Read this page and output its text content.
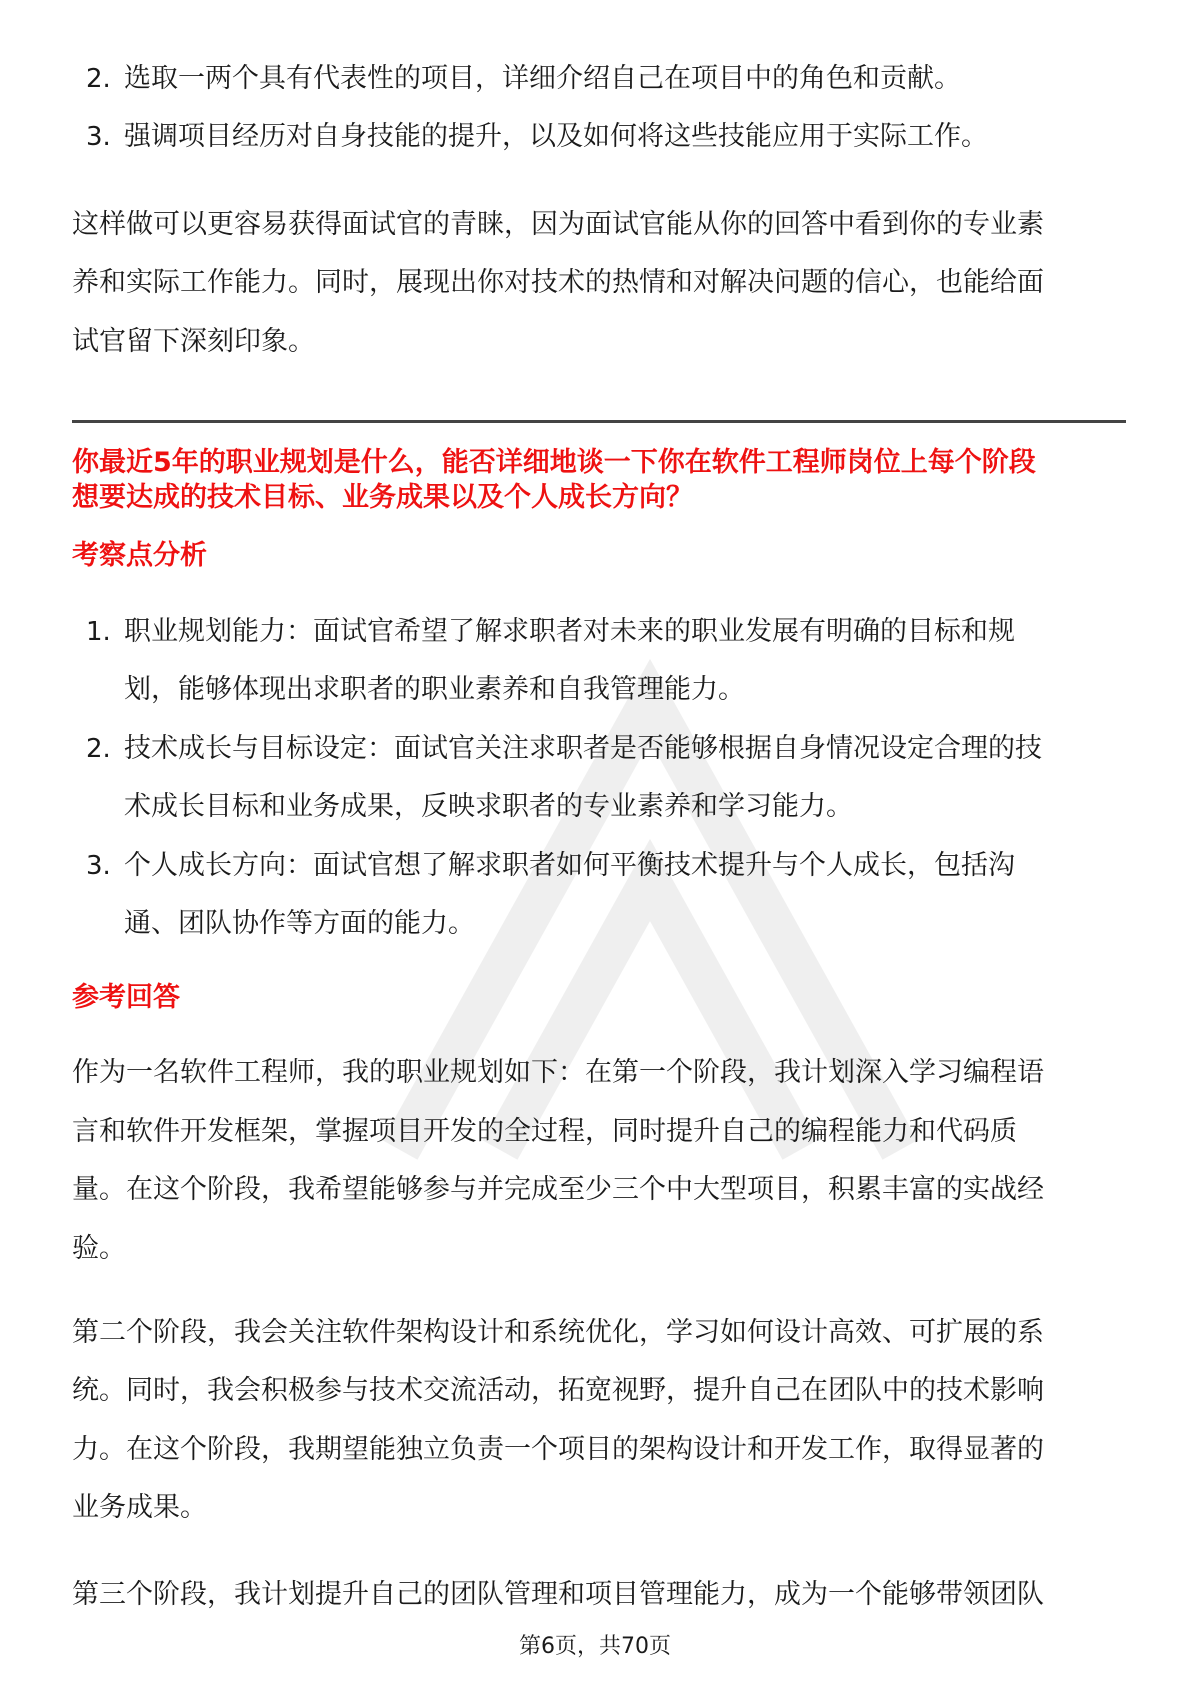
2. 选取一两个具有代表性的项目，详细介绍自己在项目中的角色和贡献。
3. 强调项目经历对自身技能的提升，以及如何将这些技能应用于实际工作。
这样做可以更容易获得面试官的青睐，因为面试官能从你的回答中看到你的专业素
养和实际工作能力。同时，展现出你对技术的热情和对解决问题的信心，也能给面
试官留下深刻印象。
你最近5年的职业规划是什么，能否详细地谈一下你在软件工程师岗位上每个阶段
想要达成的技术目标、业务成果以及个人成长方向？
考察点分析
1. 职业规划能力：面试官希望了解求职者对未来的职业发展有明确的目标和规
划，能够体现出求职者的职业素养和自我管理能力。
2. 技术成长与目标设定：面试官关注求职者是否能够根据自身情况设定合理的技
术成长目标和业务成果，反映求职者的专业素养和学习能力。
3. 个人成长方向：面试官想了解求职者如何平衡技术提升与个人成长，包括沟
通、团队协作等方面的能力。
参考回答
作为一名软件工程师，我的职业规划如下：在第一个阶段，我计划深入学习编程语
言和软件开发框架，掌握项目开发的全过程，同时提升自己的编程能力和代码质
量。在这个阶段，我希望能够参与并完成至少三个中大型项目，积累丰富的实战经
验。
第二个阶段，我会关注软件架构设计和系统优化，学习如何设计高效、可扩展的系
统。同时，我会积极参与技术交流活动，拓宽视野，提升自己在团队中的技术影响
力。在这个阶段，我期望能独立负责一个项目的架构设计和开发工作，取得显著的
业务成果。
第三个阶段，我计划提升自己的团队管理和项目管理能力，成为一个能够带领团队
第6页，共70页
